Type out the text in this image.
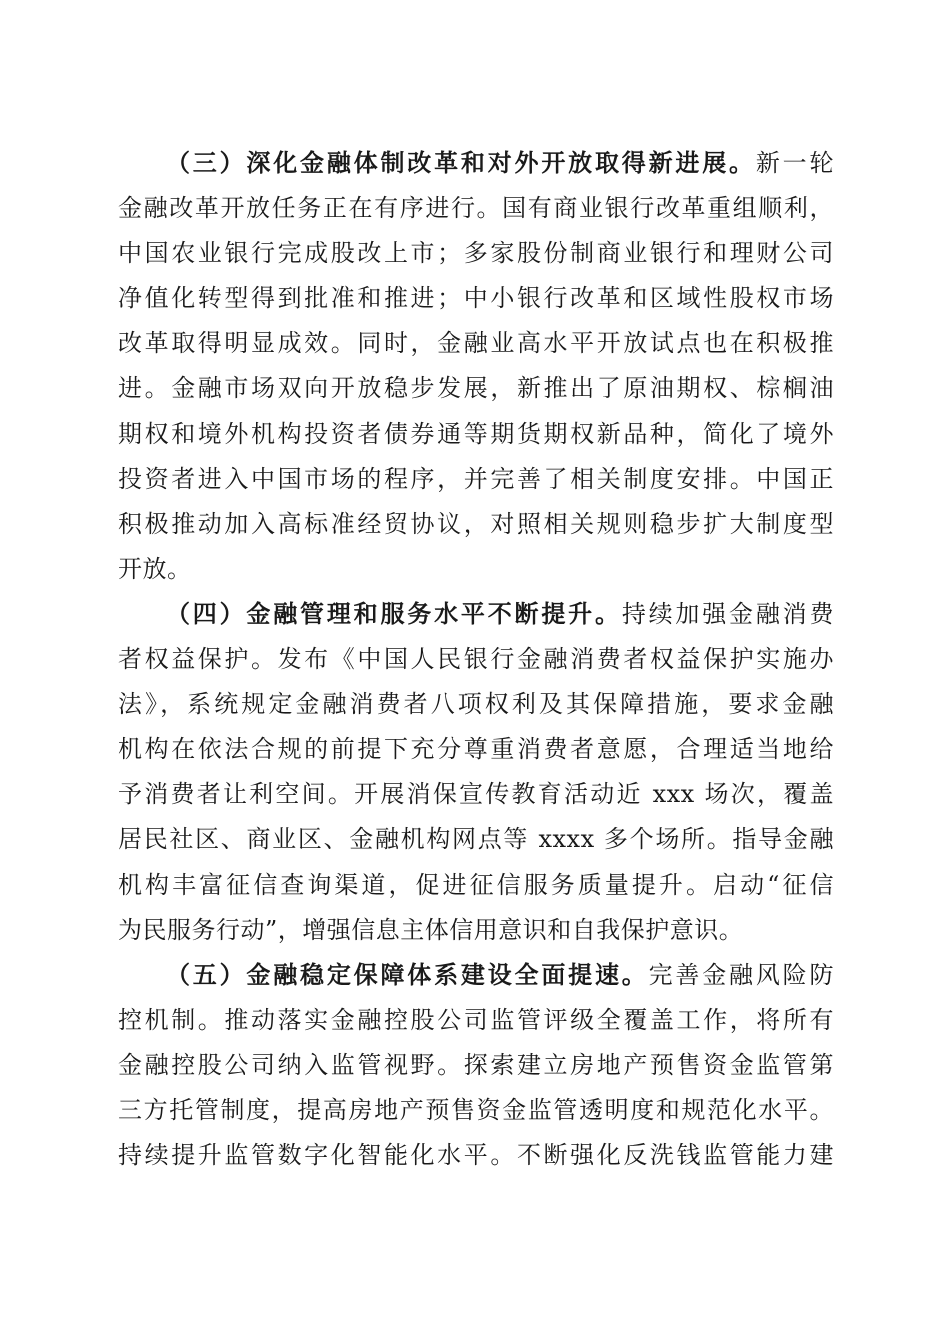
（三）深化金融体制改革和对外开放取得新进展。新一轮
金融改革开放任务正在有序进行。国有商业银行改革重组顺利，
中国农业银行完成股改上市；多家股份制商业银行和理财公司
净值化转型得到批准和推进；中小银行改革和区域性股权市场
改革取得明显成效。同时，金融业高水平开放试点也在积极推
进。金融市场双向开放稳步发展，新推出了原油期权、棕榈油
期权和境外机构投资者债券通等期货期权新品种，简化了境外
投资者进入中国市场的程序，并完善了相关制度安排。中国正
积极推动加入高标准经贸协议，对照相关规则稳步扩大制度型
开放。
（四）金融管理和服务水平不断提升。持续加强金融消费
者权益保护。发布《中国人民银行金融消费者权益保护实施办
法》，系统规定金融消费者八项权利及其保障措施，要求金融
机构在依法合规的前提下充分尊重消费者意愿，合理适当地给
予消费者让利空间。开展消保宣传教育活动近 xxx 场次，覆盖
居民社区、商业区、金融机构网点等 xxxx 多个场所。指导金融
机构丰富征信查询渠道，促进征信服务质量提升。启动“征信
为民服务行动”，增强信息主体信用意识和自我保护意识。
（五）金融稳定保障体系建设全面提速。完善金融风险防
控机制。推动落实金融控股公司监管评级全覆盖工作，将所有
金融控股公司纳入监管视野。探索建立房地产预售资金监管第
三方托管制度，提高房地产预售资金监管透明度和规范化水平。
持续提升监管数字化智能化水平。不断强化反洗钱监管能力建
